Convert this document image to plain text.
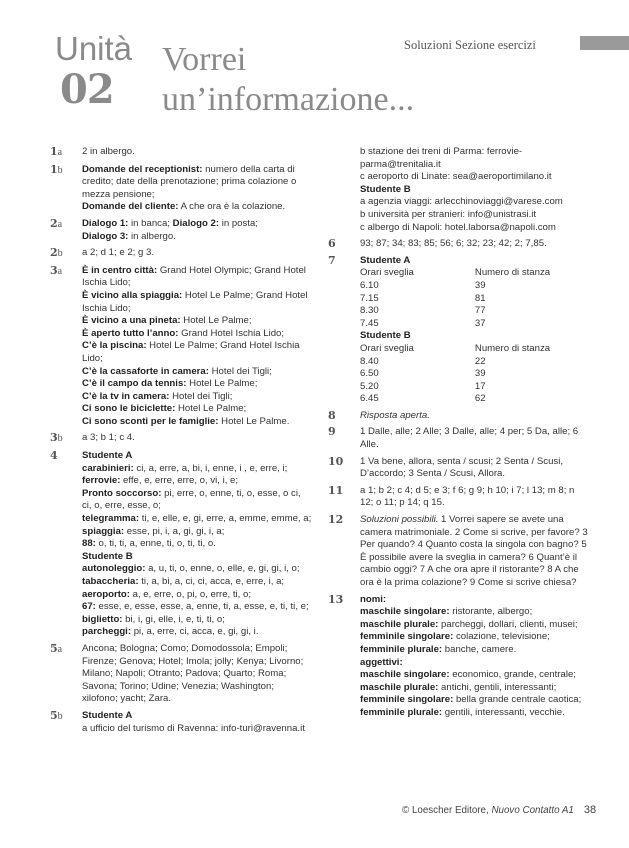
Unità
02
Vorrei
un’informazione...
Soluzioni Sezione esercizi
1a	2 in albergo.

1b	Domande del receptionist: numero della carta di credito; date della prenotazione; prima colazione o mezza pensione;

Domande del cliente: A che ora è la colazione.

2a	Dialogo 1: in banca; Dialogo 2: in posta;

Dialogo 3: in albergo.

2b	a 2; d 1; e 2; g 3.

3a	È in centro città: Grand Hotel Olympic; Grand Hotel Ischia Lido;

È vicino alla spiaggia: Hotel Le Palme; Grand Hotel Ischia Lido;

È vicino a una pineta: Hotel Le Palme;

È aperto tutto l’anno: Grand Hotel Ischia Lido;

C’è la piscina: Hotel Le Palme; Grand Hotel Ischia Lido;

C’è la cassaforte in camera: Hotel dei Tigli;

C’è il campo da tennis: Hotel Le Palme;

C’è la tv in camera: Hotel dei Tigli;

Ci sono le biciclette: Hotel Le Palme;

Ci sono sconti per le famiglie: Hotel Le Palme.

3b	a 3; b 1; c 4.

4	Studente A

carabinieri: ci, a, erre, a, bi, i, enne, i , e, erre, i;

ferrovie: effe, e, erre, erre, o, vi, i, e;

Pronto soccorso: pi, erre, o, enne, ti, o, esse, o ci, ci, o, erre, esse, o;

telegramma: ti, e, elle, e, gi, erre, a, emme, emme, a;

spiaggia: esse, pi, i, a, gi, gi, i, a;

88: o, ti, ti, a, enne, ti, o, ti, ti, o.

Studente B

autonoleggio: a, u, ti, o, enne, o, elle, e, gi, gi, i, o;

tabaccheria: ti, a, bi, a, ci, ci, acca, e, erre, i, a;

aeroporto: a, e, erre, o, pi, o, erre, ti, o;

67: esse, e, esse, esse, a, enne, ti, a, esse, e, ti, ti, e;

biglietto: bi, i, gi, elle, i, e, ti, ti, o;

parcheggi: pi, a, erre, ci, acca, e, gi, gi, i.

5a	Ancona; Bologna; Como; Domodossola; Empoli; Firenze; Genova; Hotel; Imola; jolly; Kenya; Livorno; Milano; Napoli; Otranto; Padova; Quarto; Roma; Savona; Torino; Udine; Venezia; Washington; xilofono; yacht; Zara.

5b	Studente A

a ufficio del turismo di Ravenna: info-turi@ravenna.it

b stazione dei treni di Parma: ferrovie-parma@trenitalia.it

c aeroporto di Linate: sea@aeroportimilano.it

Studente B

a agenzia viaggi: arlecchinoviaggi@varese.com

b università per stranieri: info@unistrasi.it

c albergo di Napoli: hotel.laborsa@napoli.com

6	93; 87; 34; 83; 85; 56; 6; 32; 23; 42; 2; 7,85.

7	Studente A

Orari sveglia	Numero di stanza
6.10	39
7.15	81
8.30	77
7.45	37

Studente B

Orari sveglia	Numero di stanza
8.40	22
6.50	39
5.20	17
6.45	62
8	Risposta aperta.

9	1 Dalle, alle; 2 Alle; 3 Dalle, alle; 4 per; 5 Da, alle; 6 Alle.

10	1 Va bene, allora, senta / scusi; 2 Senta / Scusi, D’accordo; 3 Senta / Scusi, Allora.

11	a 1; b 2; c 4; d 5; e 3; f 6; g 9; h 10; i 7; l 13; m 8; n 12; o 11; p 14; q 15.

12	Soluzioni possibili. 1 Vorrei sapere se avete una camera matrimoniale. 2 Come si scrive, per favore? 3 Per quando? 4 Quanto costa la singola con bagno? 5 È possibile avere la sveglia in camera? 6 Quant’è il cambio oggi? 7 A che ora apre il ristorante? 8 A che ora è la prima colazione? 9 Come si scrive chiesa?

13	nomi:

maschile singolare: ristorante, albergo;

maschile plurale: parcheggi, dollari, clienti, musei;

femminile singolare: colazione, televisione;

femminile plurale: banche, camere.

aggettivi:

maschile singolare: economico, grande, centrale;

maschile plurale: antichi, gentili, interessanti;

femminile singolare: bella grande centrale caotica;

femminile plurale: gentili, interessanti, vecchie.

© Loescher Editore, Nuovo Contatto A1 38
